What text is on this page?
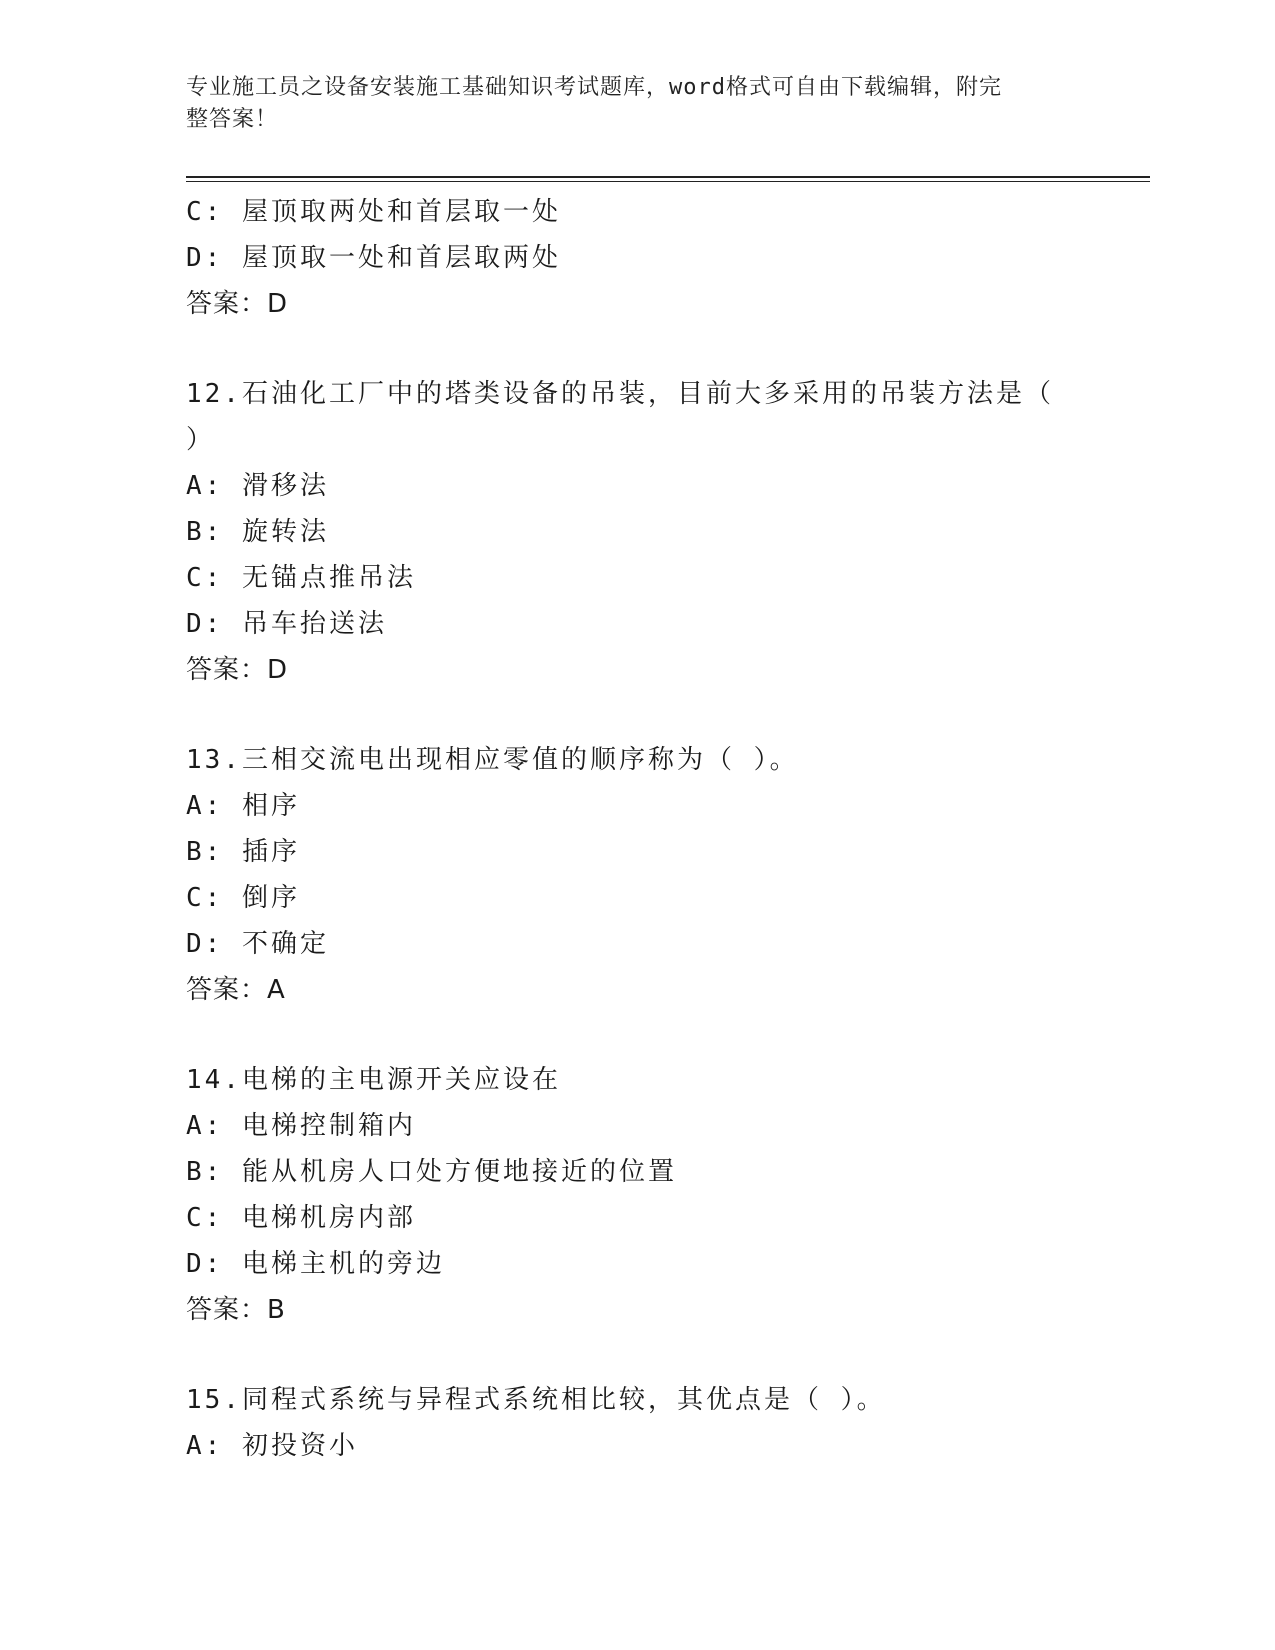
专业施工员之设备安装施工基础知识考试题库，word格式可自由下载编辑，附完
整答案！
C: 屋顶取两处和首层取一处
D: 屋顶取一处和首层取两处
答案：D
12.石油化工厂中的塔类设备的吊装，目前大多采用的吊装方法是（
）
A: 滑移法
B: 旋转法
C: 无锚点推吊法
D: 吊车抬送法
答案：D
13.三相交流电出现相应零值的顺序称为（ ）。
A: 相序
B: 插序
C: 倒序
D: 不确定
答案：A
14.电梯的主电源开关应设在
A: 电梯控制箱内
B: 能从机房人口处方便地接近的位置
C: 电梯机房内部
D: 电梯主机的旁边
答案：B
15.同程式系统与异程式系统相比较，其优点是（ ）。
A: 初投资小
